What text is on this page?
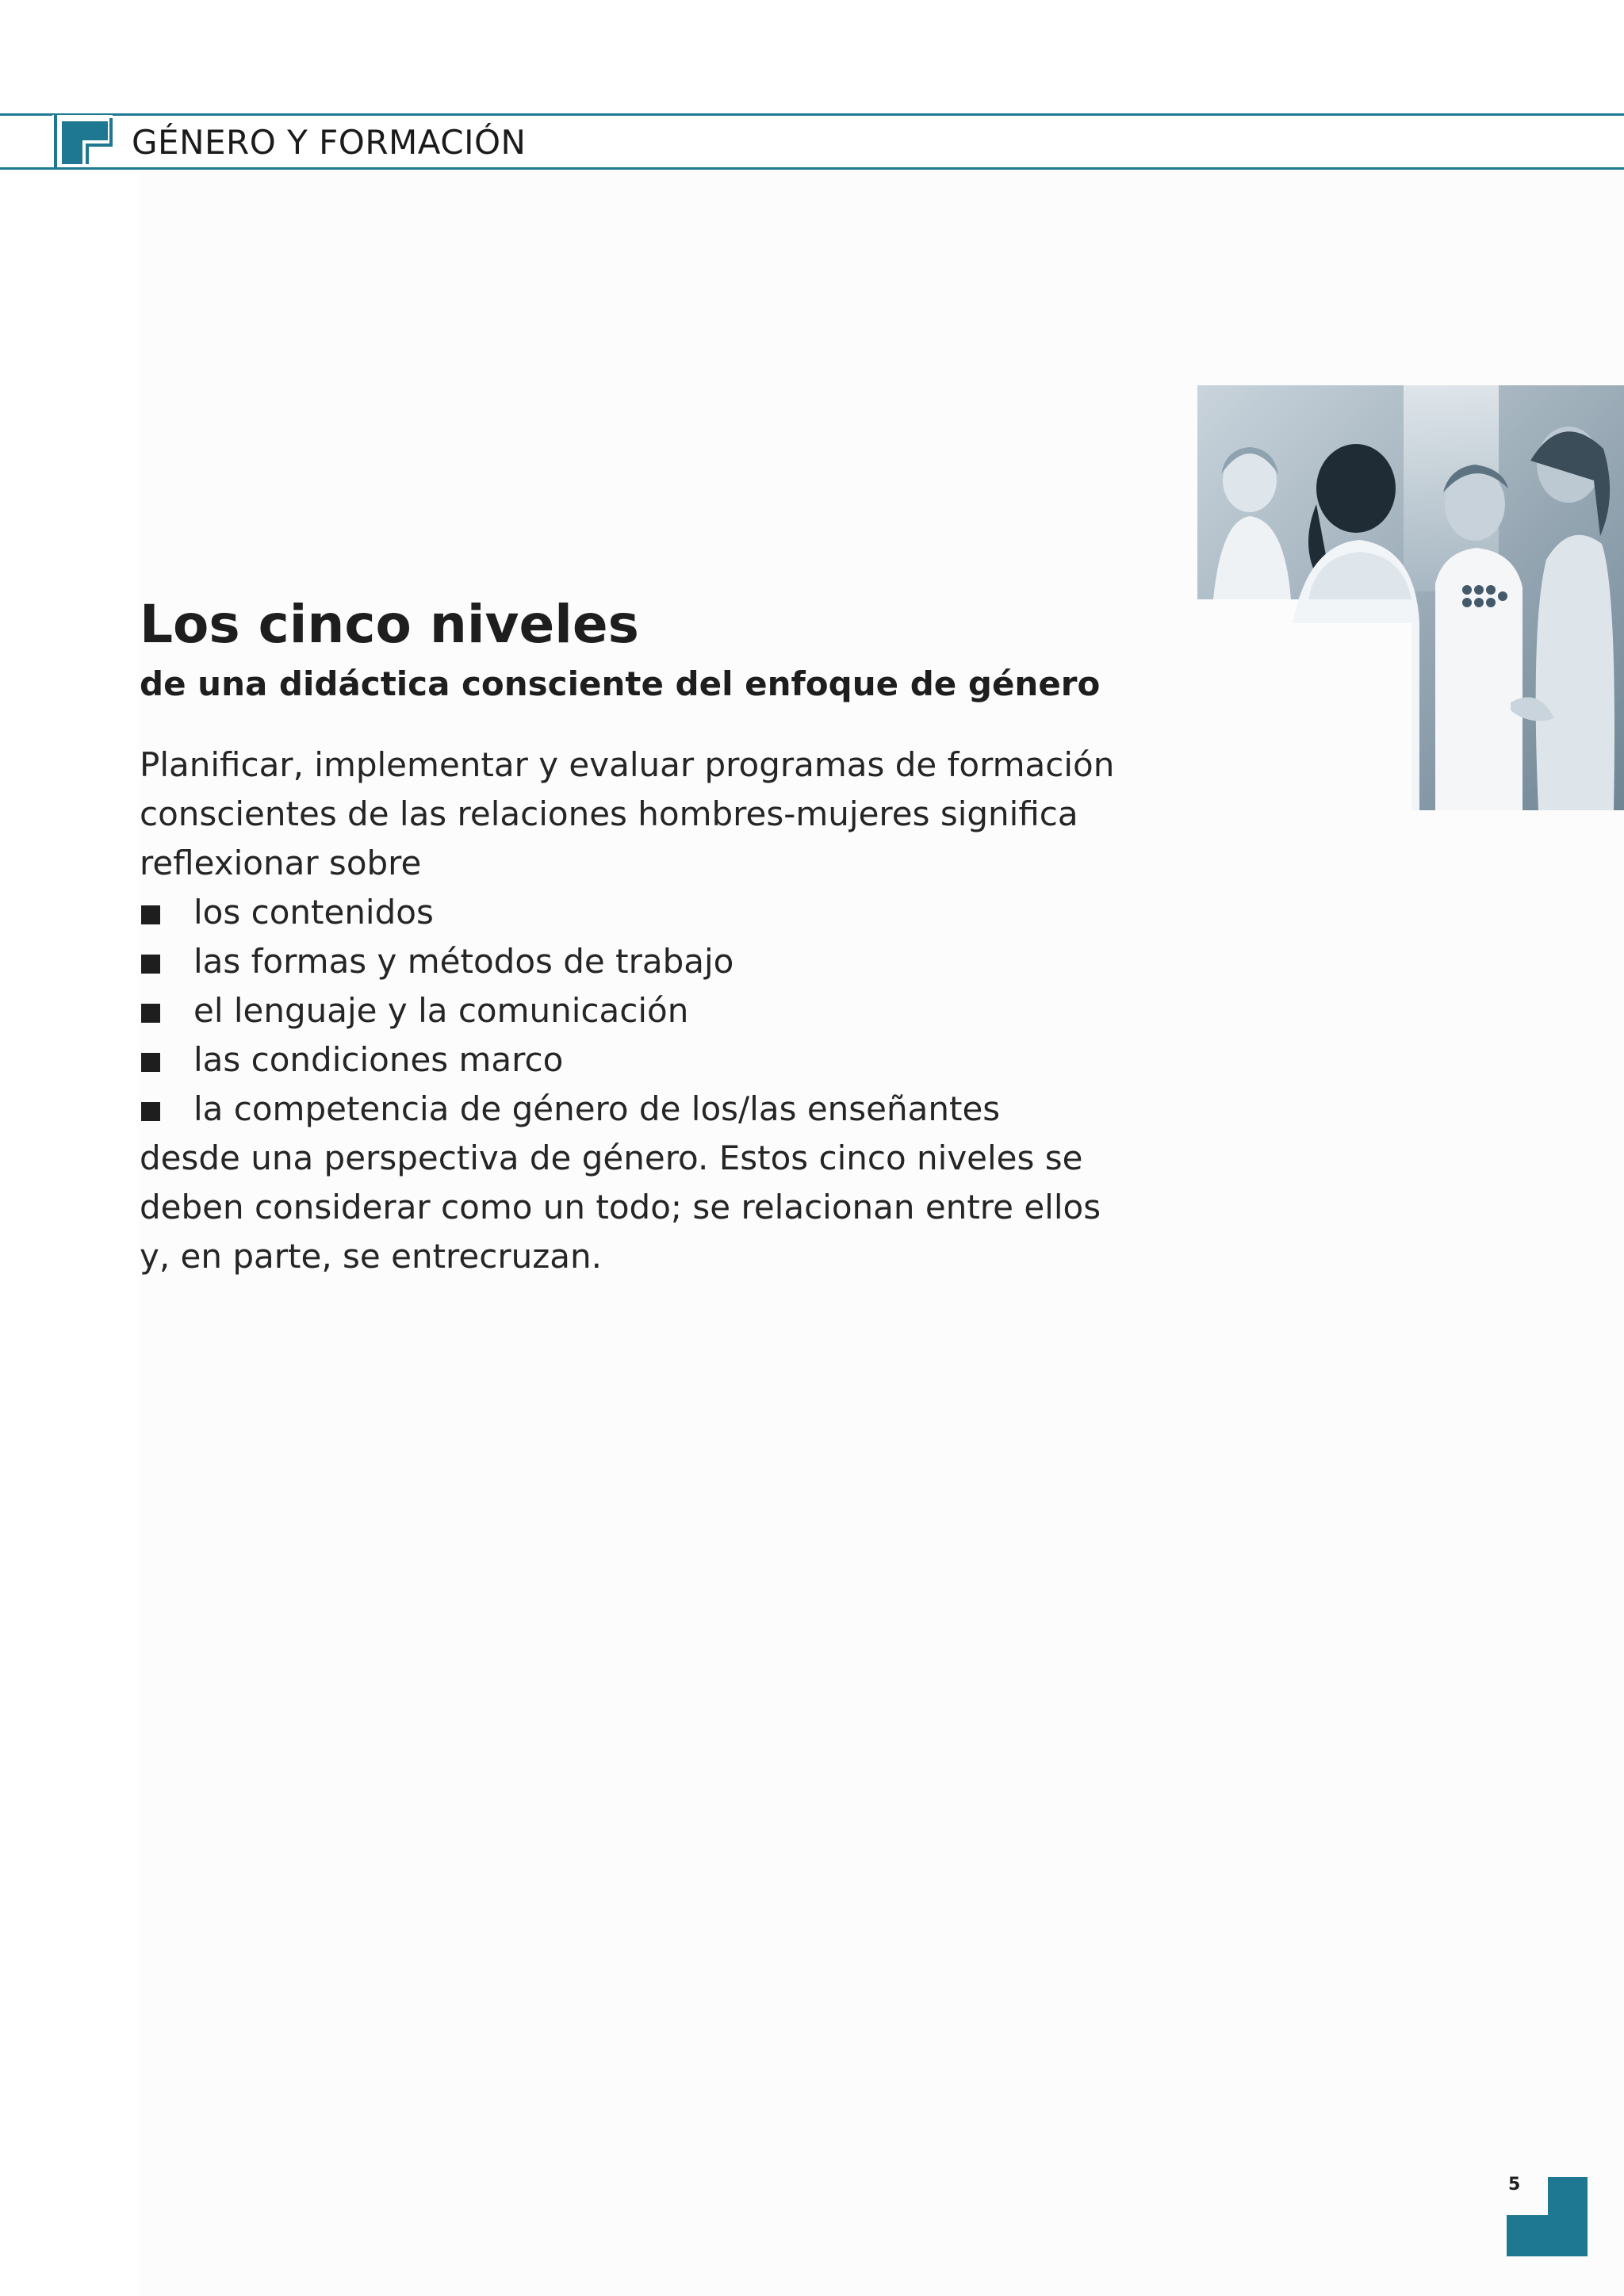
GÉNERO Y FORMACIÓN
Los cinco niveles
de una didáctica consciente del enfoque de género
Planificar, implementar y evaluar programas de formación
conscientes de las relaciones hombres-mujeres significa
reflexionar sobre
los contenidos
las formas y métodos de trabajo
el lenguaje y la comunicación
las condiciones marco
la competencia de género de los/las enseñantes
desde una perspectiva de género. Estos cinco niveles se
deben considerar como un todo; se relacionan entre ellos
y, en parte, se entrecruzan.
5
